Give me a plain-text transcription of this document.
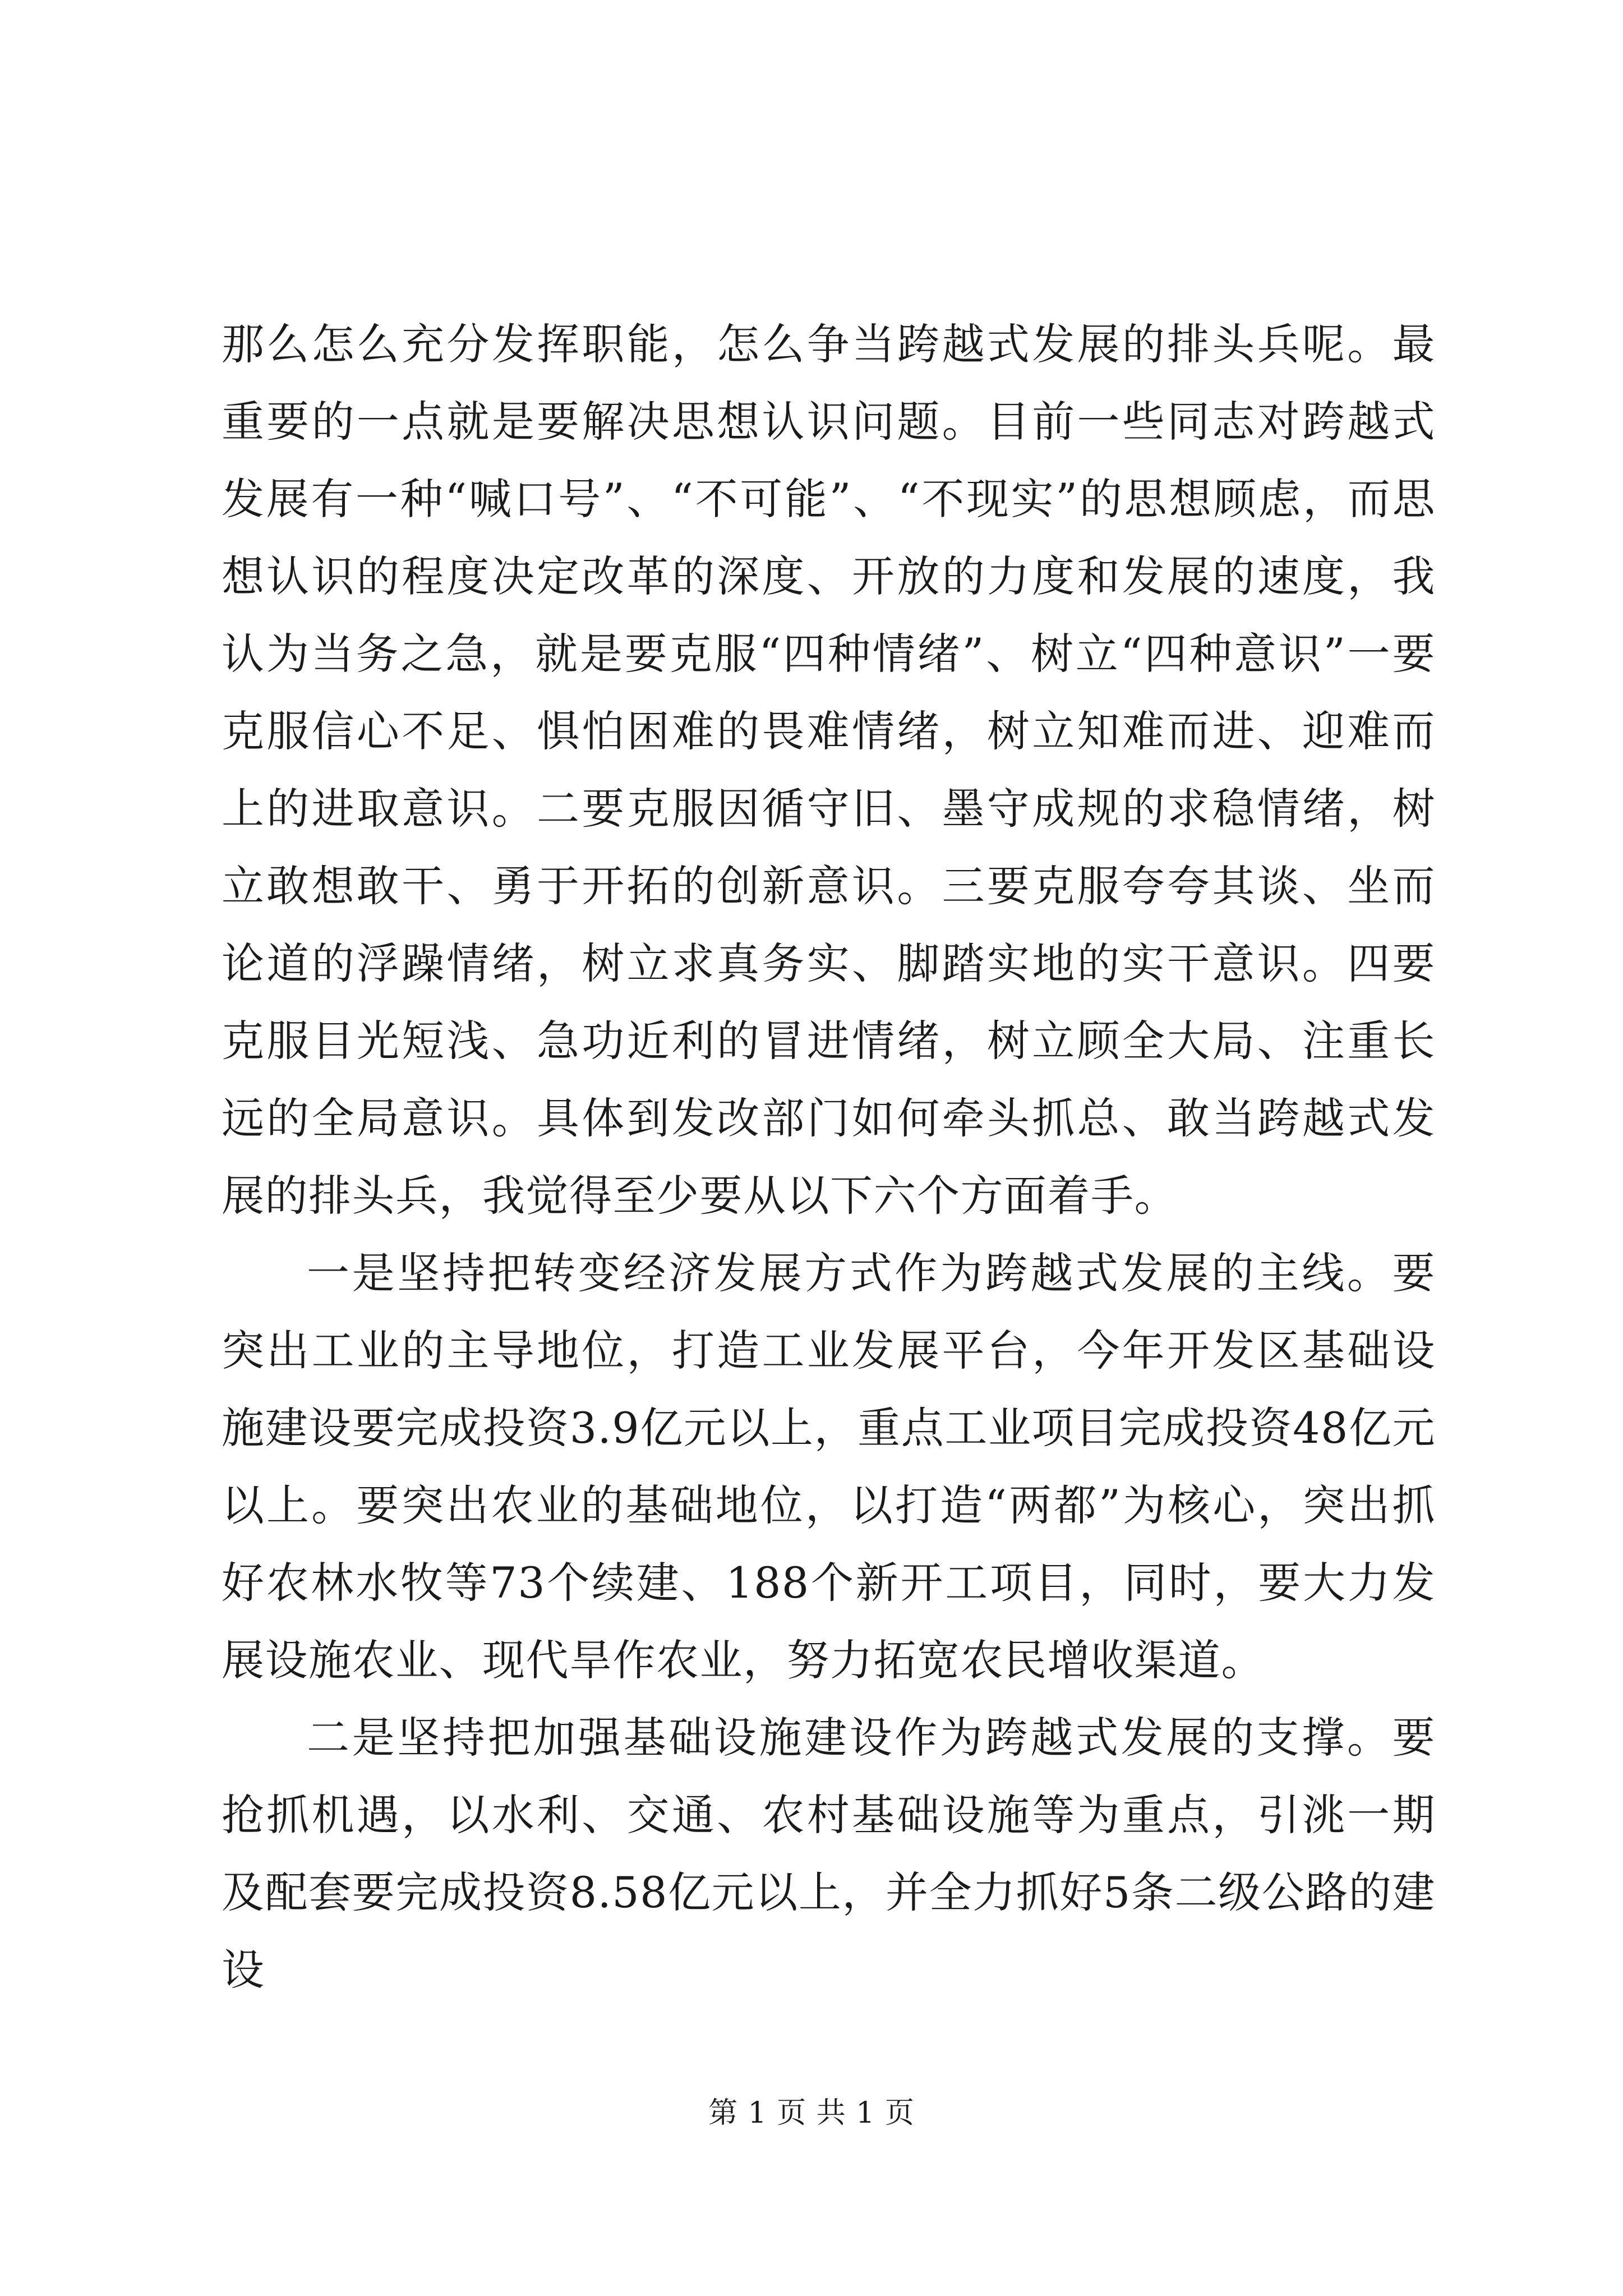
那么怎么充分发挥职能，怎么争当跨越式发展的排头兵呢。最重要的一点就是要解决思想认识问题。目前一些同志对跨越式发展有一种“喊口号”、“不可能”、“不现实”的思想顾虑，而思想认识的程度决定改革的深度、开放的力度和发展的速度，我认为当务之急，就是要克服“四种情绪”、树立“四种意识”一要克服信心不足、惧怕困难的畏难情绪，树立知难而进、迎难而上的进取意识。二要克服因循守旧、墨守成规的求稳情绪，树立敢想敢干、勇于开拓的创新意识。三要克服夸夸其谈、坐而论道的浮躁情绪，树立求真务实、脚踏实地的实干意识。四要克服目光短浅、急功近利的冒进情绪，树立顾全大局、注重长远的全局意识。具体到发改部门如何牵头抓总、敢当跨越式发展的排头兵，我觉得至少要从以下六个方面着手。

一是坚持把转变经济发展方式作为跨越式发展的主线。要突出工业的主导地位，打造工业发展平台，今年开发区基础设施建设要完成投资3.9亿元以上，重点工业项目完成投资48亿元以上。要突出农业的基础地位，以打造“两都”为核心，突出抓好农林水牧等73个续建、188个新开工项目，同时，要大力发展设施农业、现代旱作农业，努力拓宽农民增收渠道。

二是坚持把加强基础设施建设作为跨越式发展的支撑。要抢抓机遇，以水利、交通、农村基础设施等为重点，引洮一期及配套要完成投资8.58亿元以上，并全力抓好5条二级公路的建设

第 1 页 共 1 页
